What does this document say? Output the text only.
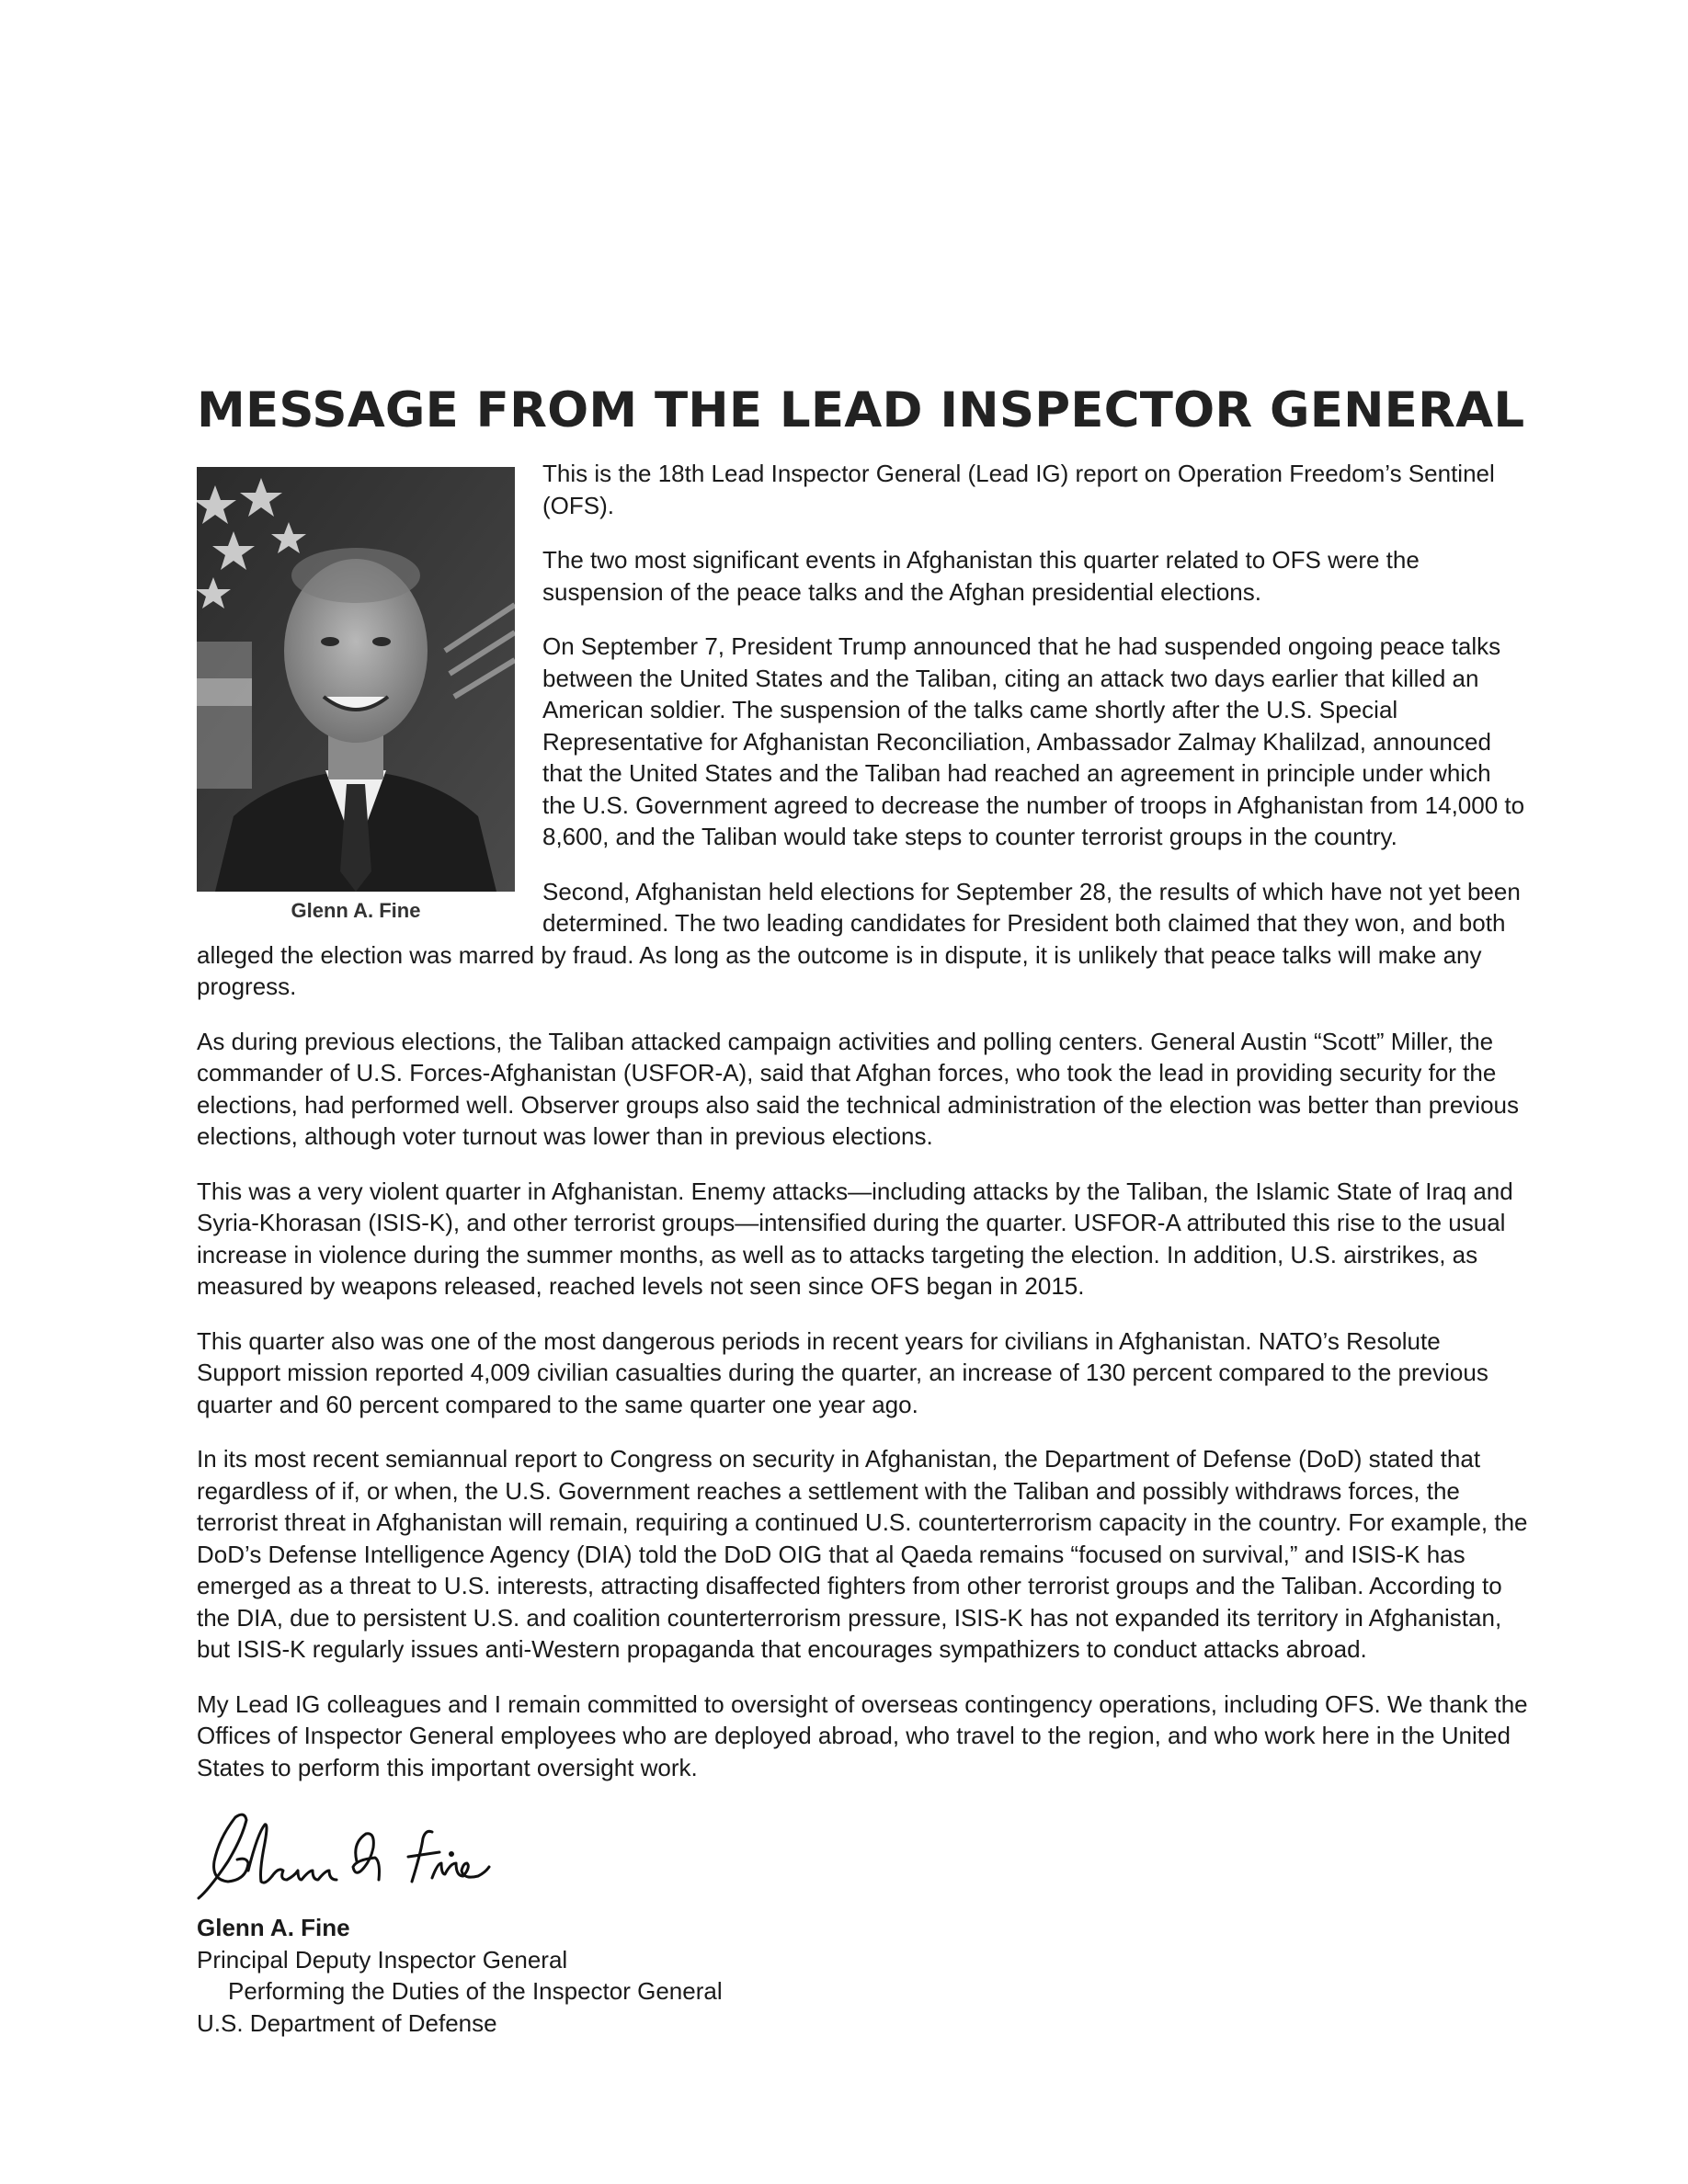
MESSAGE FROM THE LEAD INSPECTOR GENERAL
Glenn A. Fine

This is the 18th Lead Inspector General (Lead IG) report on Operation Freedom’s Sentinel (OFS).

The two most significant events in Afghanistan this quarter related to OFS were the suspension of the peace talks and the Afghan presidential elections.

On September 7, President Trump announced that he had suspended ongoing peace talks between the United States and the Taliban, citing an attack two days earlier that killed an American soldier. The suspension of the talks came shortly after the U.S. Special Representative for Afghanistan Reconciliation, Ambassador Zalmay Khalilzad, announced that the United States and the Taliban had reached an agreement in principle under which the U.S. Government agreed to decrease the number of troops in Afghanistan from 14,000 to 8,600, and the Taliban would take steps to counter terrorist groups in the country.

Second, Afghanistan held elections for September 28, the results of which have not yet been determined. The two leading candidates for President both claimed that they won, and both alleged the election was marred by fraud. As long as the outcome is in dispute, it is unlikely that peace talks will make any progress.

As during previous elections, the Taliban attacked campaign activities and polling centers. General Austin “Scott” Miller, the commander of U.S. Forces-Afghanistan (USFOR-A), said that Afghan forces, who took the lead in providing security for the elections, had performed well. Observer groups also said the technical administration of the election was better than previous elections, although voter turnout was lower than in previous elections.

This was a very violent quarter in Afghanistan. Enemy attacks—including attacks by the Taliban, the Islamic State of Iraq and Syria-Khorasan (ISIS-K), and other terrorist groups—intensified during the quarter. USFOR-A attributed this rise to the usual increase in violence during the summer months, as well as to attacks targeting the election. In addition, U.S. airstrikes, as measured by weapons released, reached levels not seen since OFS began in 2015.

This quarter also was one of the most dangerous periods in recent years for civilians in Afghanistan. NATO’s Resolute Support mission reported 4,009 civilian casualties during the quarter, an increase of 130 percent compared to the previous quarter and 60 percent compared to the same quarter one year ago.

In its most recent semiannual report to Congress on security in Afghanistan, the Department of Defense (DoD) stated that regardless of if, or when, the U.S. Government reaches a settlement with the Taliban and possibly withdraws forces, the terrorist threat in Afghanistan will remain, requiring a continued U.S. counterterrorism capacity in the country. For example, the DoD’s Defense Intelligence Agency (DIA) told the DoD OIG that al Qaeda remains “focused on survival,” and ISIS-K has emerged as a threat to U.S. interests, attracting disaffected fighters from other terrorist groups and the Taliban. According to the DIA, due to persistent U.S. and coalition counterterrorism pressure, ISIS-K has not expanded its territory in Afghanistan, but ISIS-K regularly issues anti-Western propaganda that encourages sympathizers to conduct attacks abroad.

My Lead IG colleagues and I remain committed to oversight of overseas contingency operations, including OFS. We thank the Offices of Inspector General employees who are deployed abroad, who travel to the region, and who work here in the United States to perform this important oversight work.

Glenn A. Fine
Principal Deputy Inspector General
Performing the Duties of the Inspector General
U.S. Department of Defense
